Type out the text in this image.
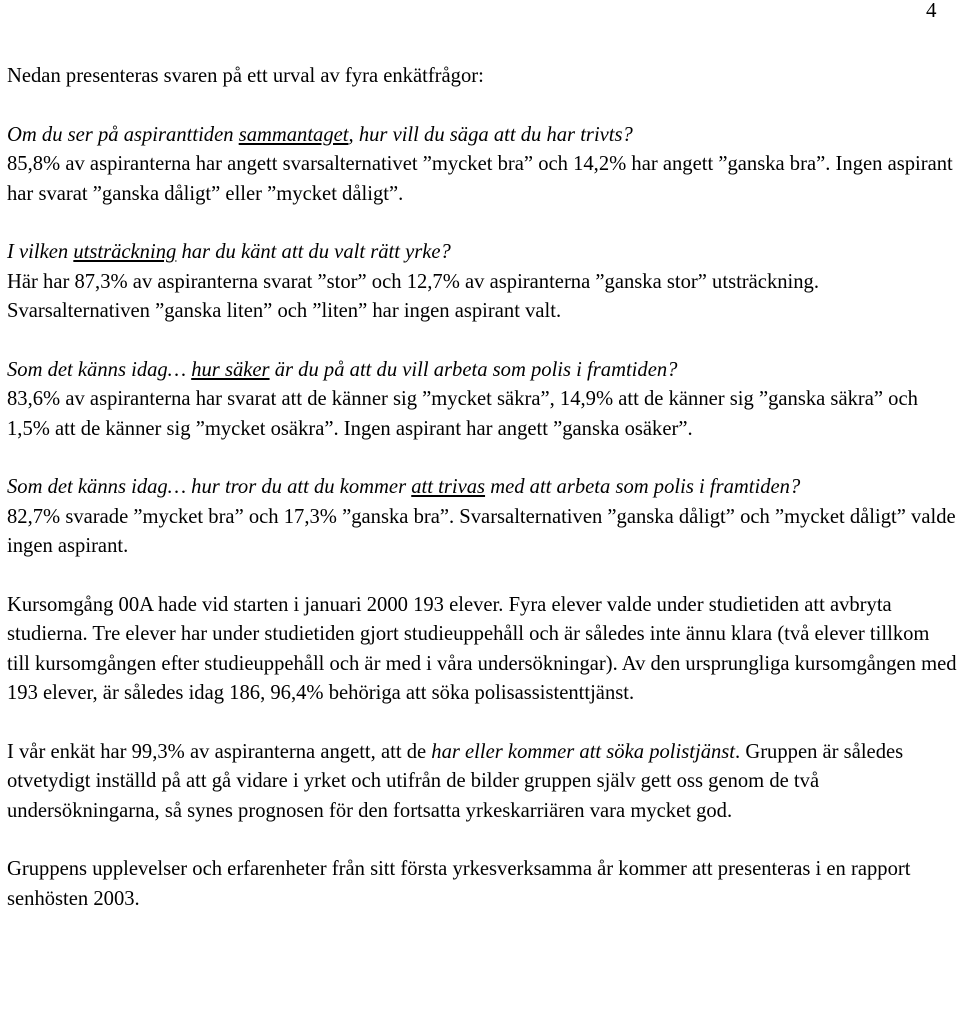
4

Nedan presenteras svaren på ett urval av fyra enkätfrågor:

Om du ser på aspiranttiden sammantaget, hur vill du säga att du har trivts?

85,8% av aspiranterna har angett svarsalternativet ”mycket bra” och 14,2% har angett ”ganska bra”. Ingen aspirant har svarat ”ganska dåligt” eller ”mycket dåligt”.

I vilken utsträckning har du känt att du valt rätt yrke?

Här har 87,3% av aspiranterna svarat ”stor” och 12,7% av aspiranterna ”ganska stor” utsträckning. Svarsalternativen ”ganska liten” och ”liten” har ingen aspirant valt.

Som det känns idag… hur säker är du på att du vill arbeta som polis i framtiden?

83,6% av aspiranterna har svarat att de känner sig ”mycket säkra”, 14,9% att de känner sig ”ganska säkra” och 1,5% att de känner sig ”mycket osäkra”. Ingen aspirant har angett ”ganska osäker”.

Som det känns idag… hur tror du att du kommer att trivas med att arbeta som polis i framtiden?

82,7% svarade ”mycket bra” och 17,3% ”ganska bra”. Svarsalternativen ”ganska dåligt” och ”mycket dåligt” valde ingen aspirant.

Kursomgång 00A hade vid starten i januari 2000 193 elever. Fyra elever valde under studietiden att avbryta studierna. Tre elever har under studietiden gjort studieuppehåll och är således inte ännu klara (två elever tillkom till kursomgången efter studieuppehåll och är med i våra undersökningar). Av den ursprungliga kursomgången med 193 elever, är således idag 186, 96,4% behöriga att söka polisassistenttjänst.

I vår enkät har 99,3% av aspiranterna angett, att de har eller kommer att söka polistjänst. Gruppen är således otvetydigt inställd på att gå vidare i yrket och utifrån de bilder gruppen själv gett oss genom de två undersökningarna, så synes prognosen för den fortsatta yrkeskarriären vara mycket god.

Gruppens upplevelser och erfarenheter från sitt första yrkesverksamma år kommer att presenteras i en rapport senhösten 2003.
